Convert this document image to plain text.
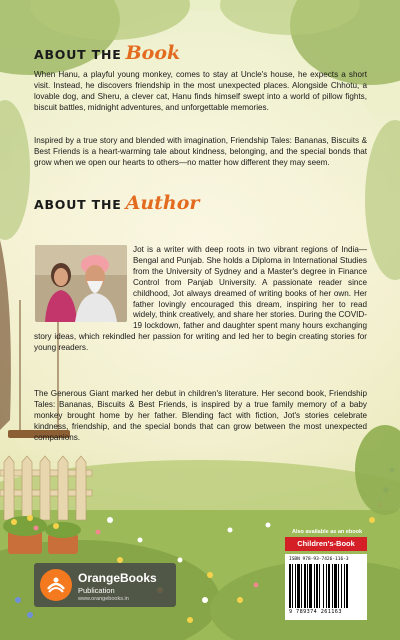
ABOUT THE Book

When Hanu, a playful young monkey, comes to stay at Uncle's house, he expects a short visit. Instead, he discovers friendship in the most unexpected places. Alongside Chhotu, a lovable dog, and Sheru, a clever cat, Hanu finds himself swept into a world of pillow fights, biscuit battles, midnight adventures, and unforgettable memories.

Inspired by a true story and blended with imagination, Friendship Tales: Bananas, Biscuits & Best Friends is a heart-warming tale about kindness, belonging, and the special bonds that grow when we open our hearts to others—no matter how different they may seem.

ABOUT THE Author
Jot is a writer with deep roots in two vibrant regions of India—Bengal and Punjab. She holds a Diploma in International Studies from the University of Sydney and a Master's degree in Finance Control from Panjab University. A passionate reader since childhood, Jot always dreamed of writing books of her own. Her father lovingly encouraged this dream, inspiring her to read widely, think creatively, and share her stories. During the COVID-19 lockdown, father and daughter spent many hours exchanging story ideas, which rekindled her passion for writing and led her to begin creating stories for young readers.

The Generous Giant marked her debut in children's literature. Her second book, Friendship Tales: Bananas, Biscuits & Best Friends, is inspired by a true family memory of a baby monkey brought home by her father. Blending fact with fiction, Jot's stories celebrate kindness, friendship, and the special bonds that can grow between the most unexpected companions.

OrangeBooks
Publication
www.orangebooks.in
Also available as an ebook
Children's-Book
ISBN 978-93-7426-116-3
9 789374 261163
